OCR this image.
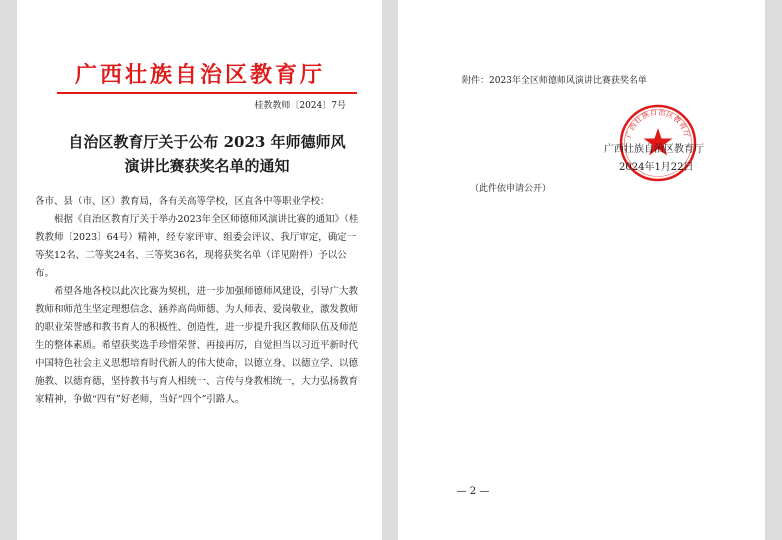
广西壮族自治区教育厅
桂教教师〔2024〕7号
自治区教育厅关于公布 2023 年师德师风
演讲比赛获奖名单的通知

各市、县（市、区）教育局，各有关高等学校，区直各中等职业学校：

根据《自治区教育厅关于举办2023年全区师德师风演讲比赛的通知》（桂教教师〔2023〕64号）精神，经专家评审、组委会评议、我厅审定，确定一等奖12名、二等奖24名、三等奖36名，现将获奖名单（详见附件）予以公布。

希望各地各校以此次比赛为契机，进一步加强师德师风建设，引导广大教教师和师范生坚定理想信念、涵养高尚师德、为人师表、爱岗敬业，激发教师的职业荣誉感和教书育人的积极性、创造性，进一步提升我区教师队伍及师范生的整体素质。希望获奖选手珍惜荣誉、再接再厉，自觉担当以习近平新时代中国特色社会主义思想培育时代新人的伟大使命，以德立身、以德立学、以德施教、以德育德，坚持教书与育人相统一、言传与身教相统一，大力弘扬教育家精神，争做“四有”好老师，当好“四个”引路人。

附件：2023年全区师德师风演讲比赛获奖名单
广西壮族自治区教育厅
广西壮族自治区教育厅
2024年1月22日
（此件依申请公开）
— 2 —
